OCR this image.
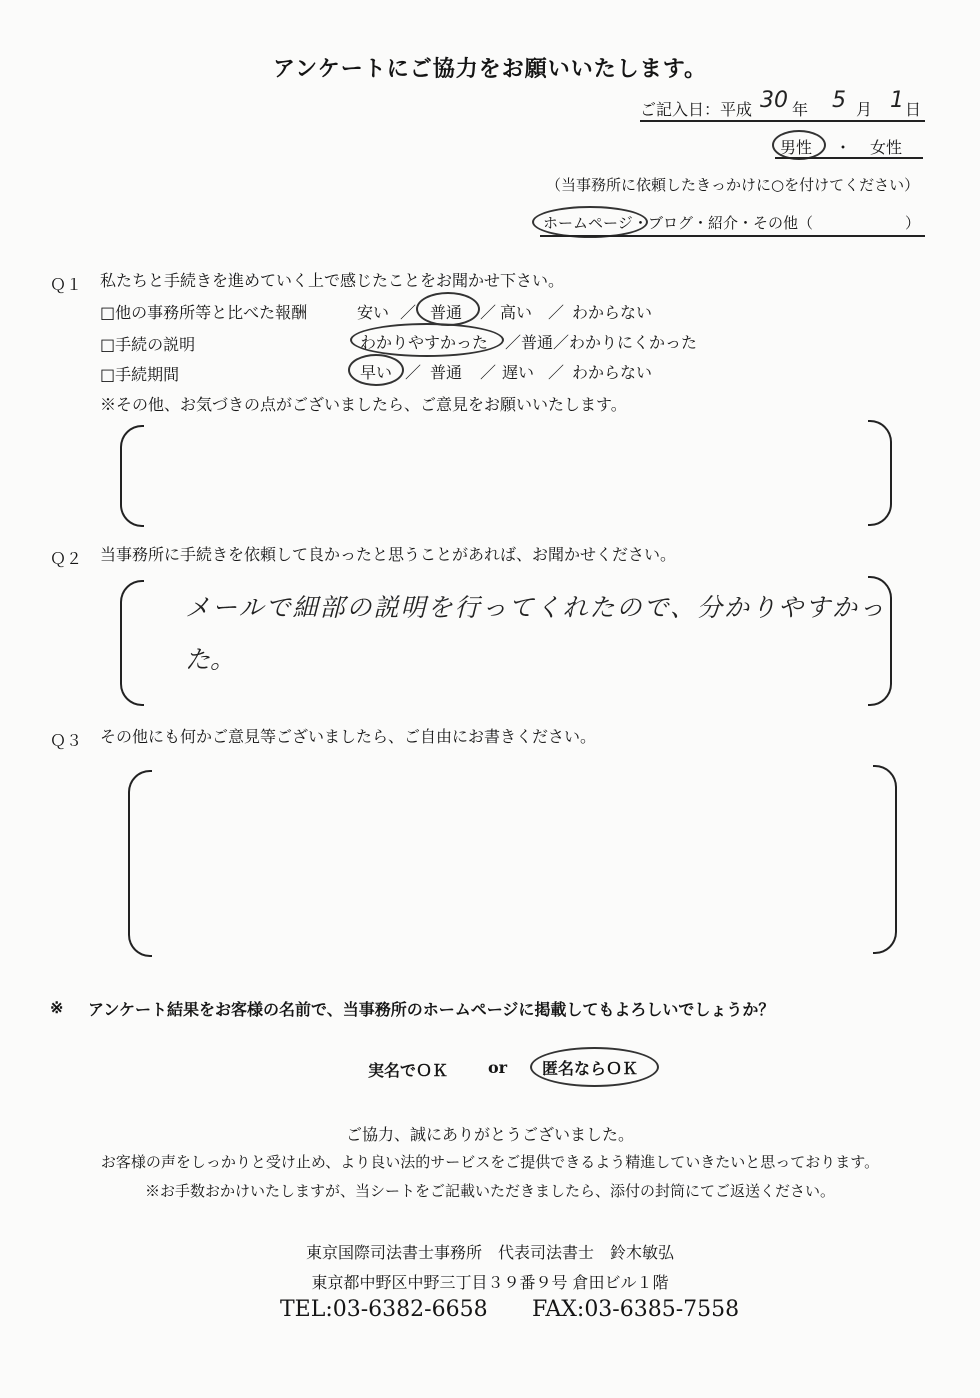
アンケートにご協力をお願いいたします。
ご記入日：平成 30 年 5 月 1 日
男性 ・ 女性
（当事務所に依頼したきっかけに○を付けてください）
ホームページ ・ブログ・紹介・その他（	）
Ｑ１ 私たちと手続きを進めていく上で感じたことをお聞かせ下さい。
□他の事務所等と比べた報酬	安い ／ 普通 ／ 高い ／ わからない
□手続の説明	わかりやすかった ／普通／わかりにくかった
□手続期間	早い ／ 普通 ／ 遅い ／ わからない
※その他、お気づきの点がございましたら、ご意見をお願いいたします。
Ｑ２ 当事務所に手続きを依頼して良かったと思うことがあれば、お聞かせください。
メールで細部の説明を行ってくれたので、分かりやすかっ
た。
Ｑ３ その他にも何かご意見等ございましたら、ご自由にお書きください。
※ アンケート結果をお客様の名前で、当事務所のホームページに掲載してもよろしいでしょうか？
実名でＯＫ or 匿名ならＯＫ
ご協力、誠にありがとうございました。
お客様の声をしっかりと受け止め、より良い法的サービスをご提供できるよう精進していきたいと思っております。
※お手数おかけいたしますが、当シートをご記載いただきましたら、添付の封筒にてご返送ください。
東京国際司法書士事務所　代表司法書士　鈴木敏弘
東京都中野区中野三丁目３９番９号 倉田ビル１階
TEL:03-6382-6658 FAX:03-6385-7558
